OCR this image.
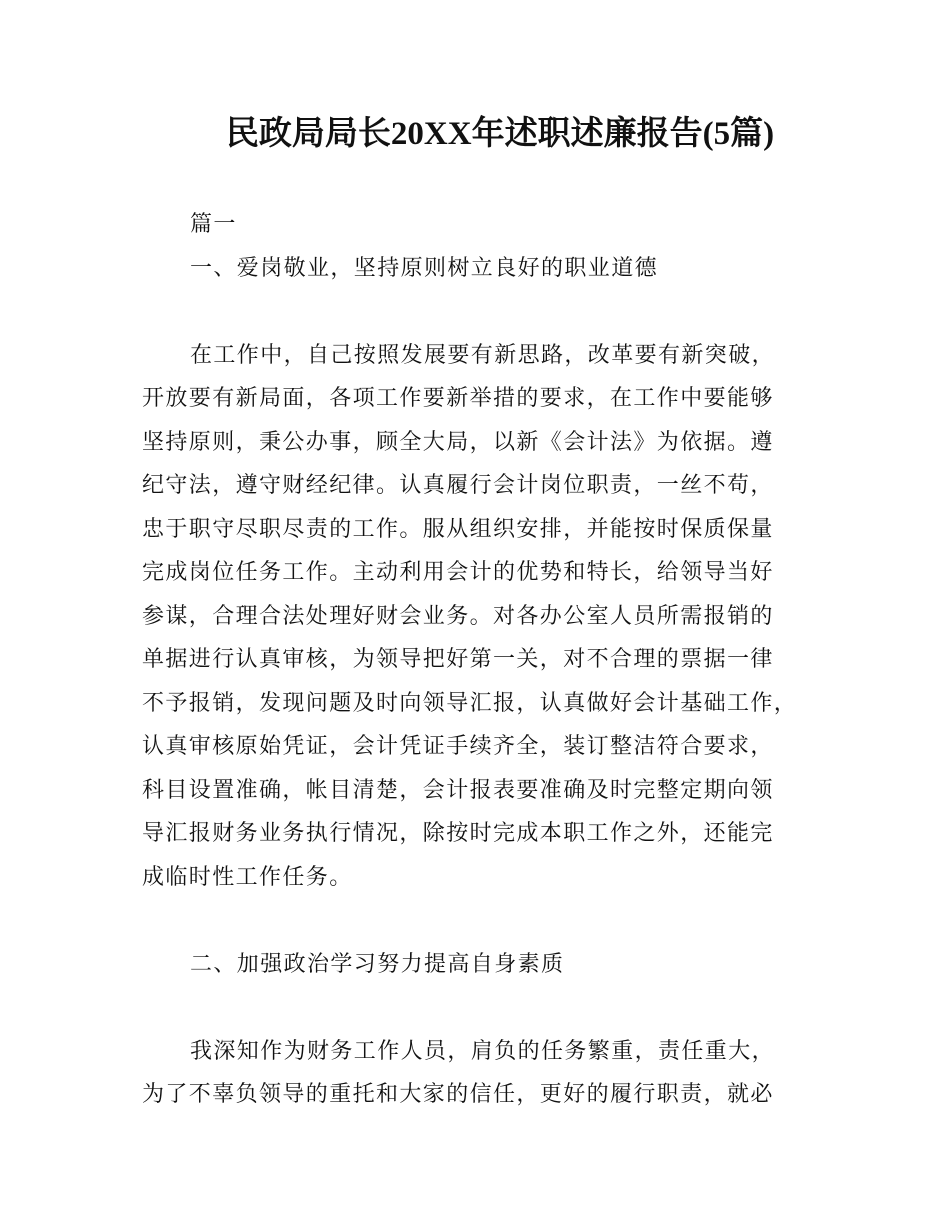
民政局局长20XX年述职述廉报告(5篇)

篇一

一、爱岗敬业，坚持原则树立良好的职业道德

在工作中，自己按照发展要有新思路，改革要有新突破，

开放要有新局面，各项工作要新举措的要求，在工作中要能够

坚持原则，秉公办事，顾全大局，以新《会计法》为依据。遵

纪守法，遵守财经纪律。认真履行会计岗位职责，一丝不苟，

忠于职守尽职尽责的工作。服从组织安排，并能按时保质保量

完成岗位任务工作。主动利用会计的优势和特长，给领导当好

参谋，合理合法处理好财会业务。对各办公室人员所需报销的

单据进行认真审核，为领导把好第一关，对不合理的票据一律

不予报销，发现问题及时向领导汇报，认真做好会计基础工作，

认真审核原始凭证，会计凭证手续齐全，装订整洁符合要求，

科目设置准确，帐目清楚，会计报表要准确及时完整定期向领

导汇报财务业务执行情况，除按时完成本职工作之外，还能完

成临时性工作任务。

二、加强政治学习努力提高自身素质

我深知作为财务工作人员，肩负的任务繁重，责任重大，

为了不辜负领导的重托和大家的信任，更好的履行职责，就必
